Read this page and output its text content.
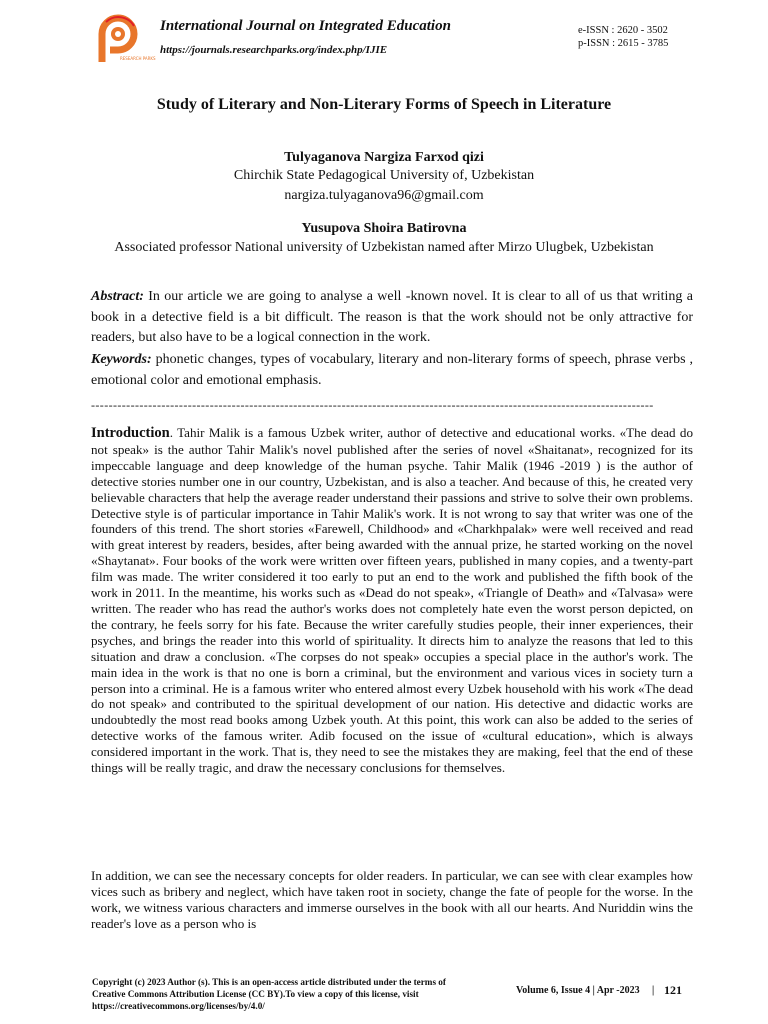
RESEARCH PARKS
International Journal on Integrated Education
https://journals.researchparks.org/index.php/IJIE
e-ISSN : 2620 - 3502
p-ISSN : 2615 - 3785
Study of Literary and Non-Literary Forms of Speech in Literature
Tulyaganova Nargiza Farxod qizi
Chirchik State Pedagogical University of, Uzbekistan
nargiza.tulyaganova96@gmail.com
Yusupova Shoira Batirovna
Associated professor National university of Uzbekistan named after Mirzo Ulugbek, Uzbekistan
Abstract: In our article we are going to analyse a well -known novel. It is clear to all of us that writing a book in a detective field is a bit difficult. The reason is that the work should not be only attractive for readers, but also have to be a logical connection in the work.
Keywords: phonetic changes, types of vocabulary, literary and non-literary forms of speech, phrase verbs , emotional color and emotional emphasis.
--------------------------------------------------------------------------------------------------------------------------------
Introduction. Tahir Malik is a famous Uzbek writer, author of detective and educational works. «The dead do not speak» is the author Tahir Malik's novel published after the series of novel «Shaitanat», recognized for its impeccable language and deep knowledge of the human psyche. Tahir Malik (1946 -2019 ) is the author of detective stories number one in our country, Uzbekistan, and is also a teacher. And because of this, he created very believable characters that help the average reader understand their passions and strive to solve their own problems. Detective style is of particular importance in Tahir Malik's work. It is not wrong to say that writer was one of the founders of this trend. The short stories «Farewell, Childhood» and «Charkhpalak» were well received and read with great interest by readers, besides, after being awarded with the annual prize, he started working on the novel «Shaytanat». Four books of the work were written over fifteen years, published in many copies, and a twenty-part film was made. The writer considered it too early to put an end to the work and published the fifth book of the work in 2011. In the meantime, his works such as «Dead do not speak», «Triangle of Death» and «Talvasa» were written. The reader who has read the author's works does not completely hate even the worst person depicted, on the contrary, he feels sorry for his fate. Because the writer carefully studies people, their inner experiences, their psyches, and brings the reader into this world of spirituality. It directs him to analyze the reasons that led to this situation and draw a conclusion. «The corpses do not speak» occupies a special place in the author's work. The main idea in the work is that no one is born a criminal, but the environment and various vices in society turn a person into a criminal. He is a famous writer who entered almost every Uzbek household with his work «The dead do not speak» and contributed to the spiritual development of our nation. His detective and didactic works are undoubtedly the most read books among Uzbek youth. At this point, this work can also be added to the series of detective works of the famous writer. Adib focused on the issue of «cultural education», which is always considered important in the work. That is, they need to see the mistakes they are making, feel that the end of these things will be really tragic, and draw the necessary conclusions for themselves.
In addition, we can see the necessary concepts for older readers. In particular, we can see with clear examples how vices such as bribery and neglect, which have taken root in society, change the fate of people for the worse. In the work, we witness various characters and immerse ourselves in the book with all our hearts. And Nuriddin wins the reader's love as a person who is
Copyright (c) 2023 Author (s). This is an open-access article distributed under the terms of Creative Commons Attribution License (CC BY).To view a copy of this license, visit https://creativecommons.org/licenses/by/4.0/
Volume 6, Issue 4 | Apr -2023 | 121
